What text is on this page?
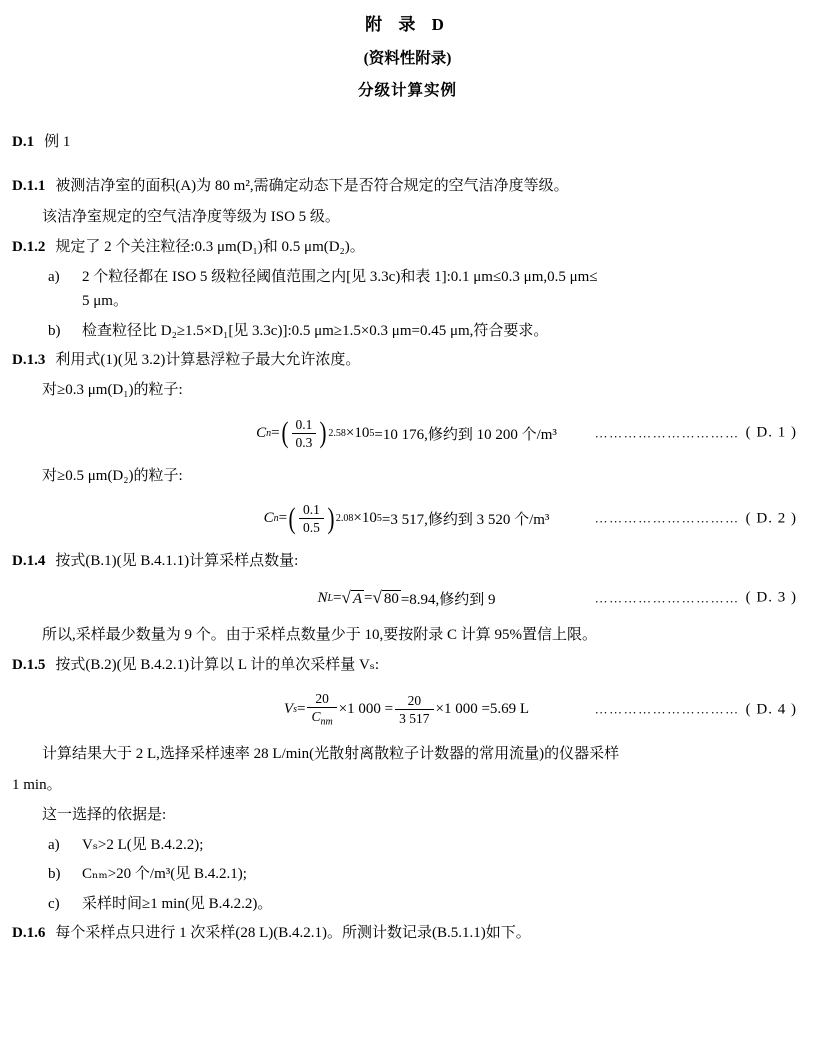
附 录 D
(资料性附录)
分级计算实例
D.1 例 1
D.1.1 被测洁净室的面积(A)为 80 m²,需确定动态下是否符合规定的空气洁净度等级。
该洁净室规定的空气洁净度等级为 ISO 5 级。
D.1.2 规定了 2 个关注粒径:0.3 μm(D₁)和 0.5 μm(D₂)。
a)	2 个粒径都在 ISO 5 级粒径阈值范围之内[见 3.3c)和表 1]:0.1 μm≤0.3 μm,0.5 μm≤
5 μm。
b)	检查粒径比 D₂≥1.5×D₁[见 3.3c)]:0.5 μm≥1.5×0.3 μm=0.45 μm,符合要求。
D.1.3 利用式(1)(见 3.2)计算悬浮粒子最大允许浓度。
对≥0.3 μm(D₁)的粒子:
C n = ( $\frac{0.1}{0.3}$ ) 2.58 ×10 5 =10 176,修约到 10 200 个/m³	………………………… ( D. 1 )
对≥0.5 μm(D₂)的粒子:
C n = ( $\frac{0.1}{0.5}$ ) 2.08 ×10 5 =3 517,修约到 3 520 个/m³	………………………… ( D. 2 )
D.1.4 按式(B.1)(见 B.4.1.1)计算采样点数量:
N L = √ A = √ 80 =8.94,修约到 9	………………………… ( D. 3 )
所以,采样最少数量为 9 个。由于采样点数量少于 10,要按附录 C 计算 95%置信上限。
D.1.5 按式(B.2)(见 B.4.2.1)计算以 L 计的单次采样量 Vₛ:
V $s = \frac{20}{C_{nm}} \times 1$ $000 = \frac{20}{3 517} \times 1$ 000 =5.69 L	………………………… ( D. 4 )
计算结果大于 2 L,选择采样速率 28 L/min(光散射离散粒子计数器的常用流量)的仪器采样
1 min。
这一选择的依据是:
a)	Vₛ>2 L(见 B.4.2.2);
b)	Cₙₘ>20 个/m³(见 B.4.2.1);
c)	采样时间≥1 min(见 B.4.2.2)。
D.1.6 每个采样点只进行 1 次采样(28 L)(B.4.2.1)。所测计数记录(B.5.1.1)如下。
